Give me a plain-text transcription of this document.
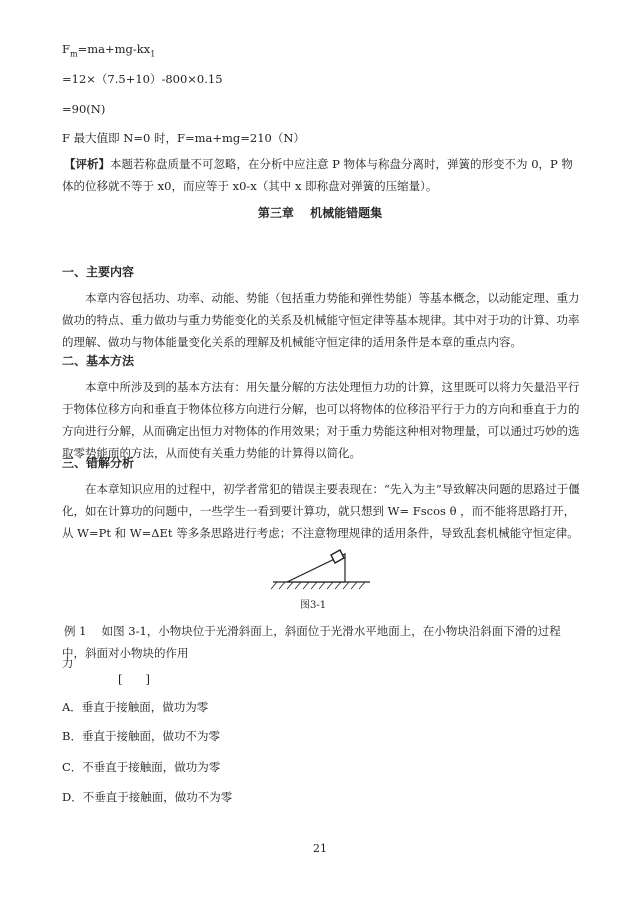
$F_m=ma+mg-kx_1$
=12×（7.5+10）-800×0.15
=90(N)
F 最大值即 N=0 时，F=ma+mg=210（N）
【评析】本题若称盘质量不可忽略，在分析中应注意 P 物体与称盘分离时，弹簧的形变不为 0，P 物体的位移就不等于 x0，而应等于 x0-x（其中 x 即称盘对弹簧的压缩量）。
第三章　 机械能错题集
一、主要内容
本章内容包括功、功率、动能、势能（包括重力势能和弹性势能）等基本概念，以动能定理、重力做功的特点、重力做功与重力势能变化的关系及机械能守恒定律等基本规律。其中对于功的计算、功率的理解、做功与物体能量变化关系的理解及机械能守恒定律的适用条件是本章的重点内容。
二、基本方法
本章中所涉及到的基本方法有：用矢量分解的方法处理恒力功的计算，这里既可以将力矢量沿平行于物体位移方向和垂直于物体位移方向进行分解，也可以将物体的位移沿平行于力的方向和垂直于力的方向进行分解，从而确定出恒力对物体的作用效果；对于重力势能这种相对物理量，可以通过巧妙的选取零势能面的方法，从而使有关重力势能的计算得以简化。
三、错解分析
在本章知识应用的过程中，初学者常犯的错误主要表现在：“先入为主”导致解决问题的思路过于僵化，如在计算功的问题中，一些学生一看到要计算功，就只想到 W= Fscos θ ，而不能将思路打开，从 W=Pt 和 W=ΔEt 等多条思路进行考虑；不注意物理规律的适用条件，导致乱套机械能守恒定律。
图3-1
例 1　 如图 3-1，小物块位于光滑斜面上，斜面位于光滑水平地面上，在小物块沿斜面下滑的过程中，斜面对小物块的作用
力
[　　]
A．垂直于接触面，做功为零
B．垂直于接触面，做功不为零
C．不垂直于接触面，做功为零
D．不垂直于接触面，做功不为零
21
